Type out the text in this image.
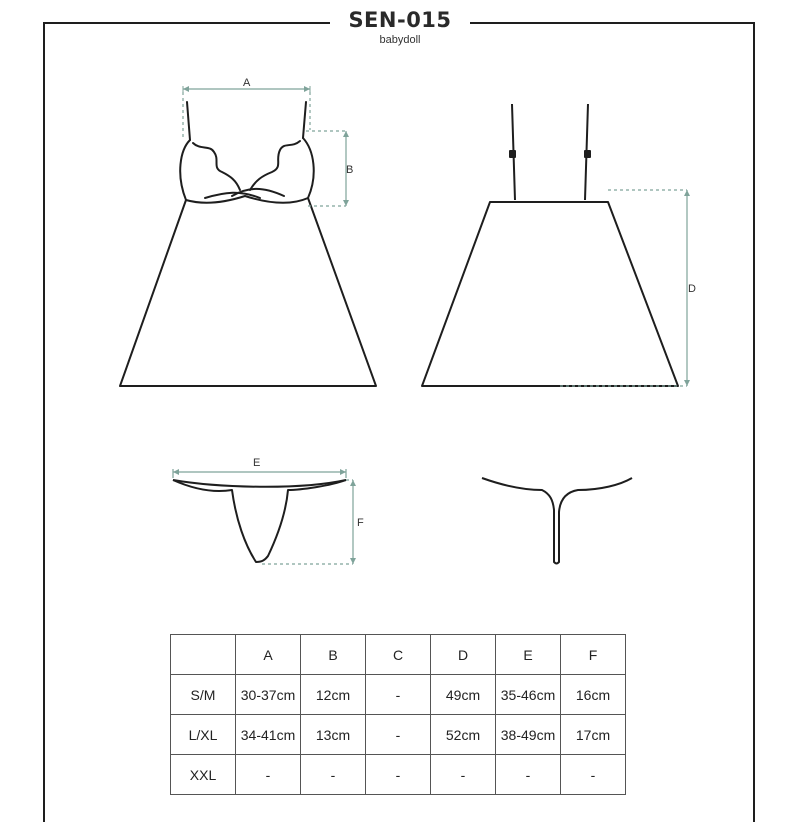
SEN-015
babydoll
A
B
D
E
F
	A	B	C	D	E	F
S/M	30-37cm	12cm	-	49cm	35-46cm	16cm
L/XL	34-41cm	13cm	-	52cm	38-49cm	17cm
XXL	-	-	-	-	-	-
